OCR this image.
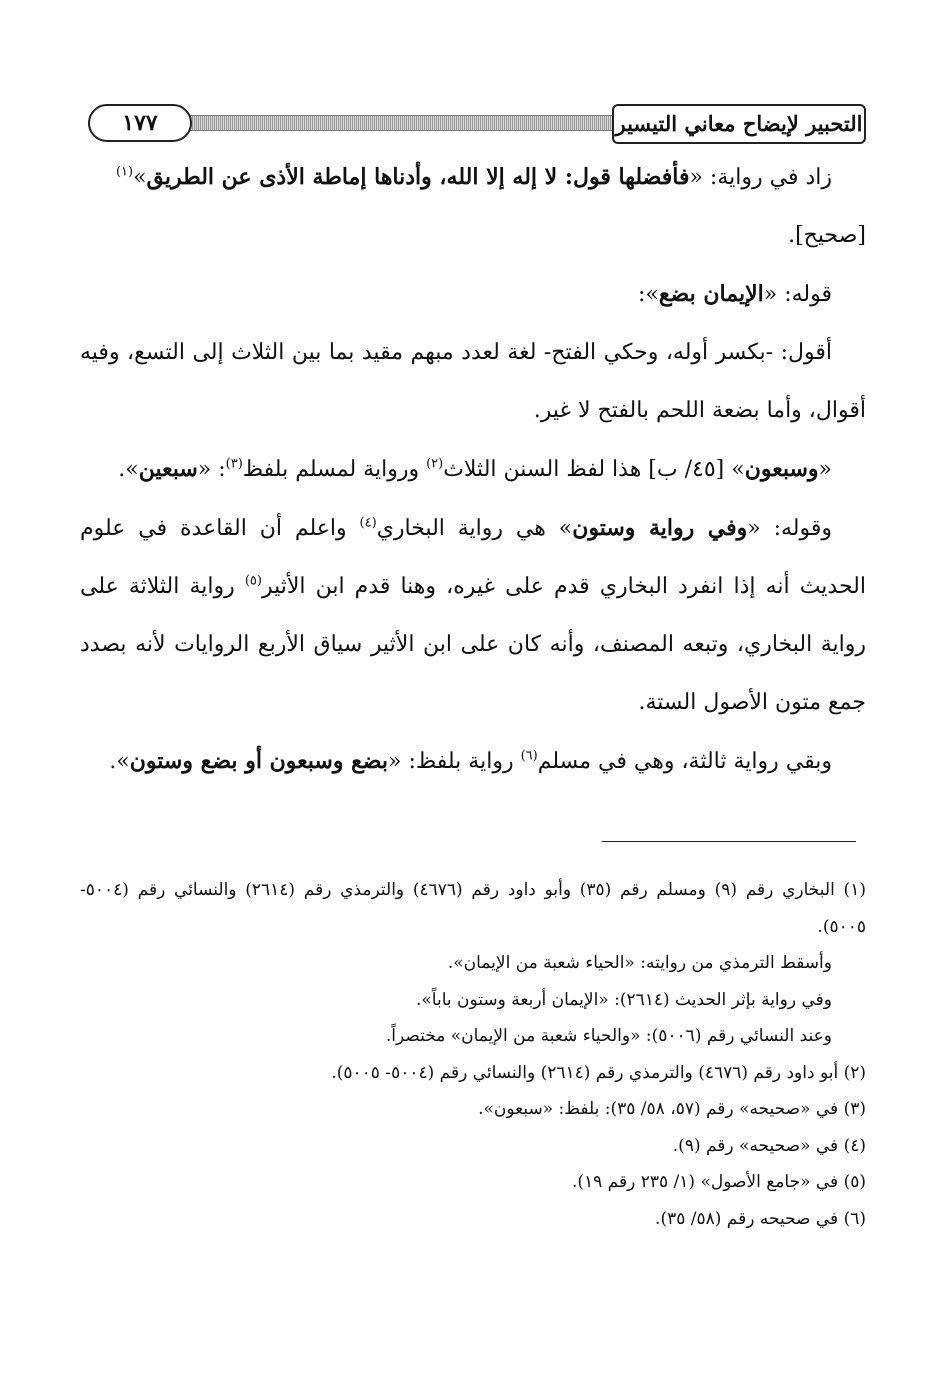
١٧٧	التحبير لإيضاح معاني التيسير

زاد في رواية: «فأفضلها قول: لا إله إلا الله، وأدناها إماطة الأذى عن الطريق»$^{(١)}$
[صحيح].

قوله: «الإيمان بضع»:

أقول: -بكسر أوله، وحكي الفتح- لغة لعدد مبهم مقيد بما بين الثلاث إلى التسع، وفيه أقوال، وأما بضعة اللحم بالفتح لا غير.

«وسبعون» [٤٥/ ب] هذا لفظ السنن الثلاث$^{(٢)}$ ورواية لمسلم بلفظ$^{(٣)}$: «سبعين».

وقوله: «وفي رواية وستون» هي رواية البخاري$^{(٤)}$ واعلم أن القاعدة في علوم الحديث أنه إذا انفرد البخاري قدم على غيره، وهنا قدم ابن الأثير$^{(٥)}$ رواية الثلاثة على رواية البخاري، وتبعه المصنف، وأنه كان على ابن الأثير سياق الأربع الروايات لأنه بصدد جمع متون الأصول الستة.

وبقي رواية ثالثة، وهي في مسلم$^{(٦)}$ رواية بلفظ: «بضع وسبعون أو بضع وستون».

(١) البخاري رقم (٩) ومسلم رقم (٣٥) وأبو داود رقم (٤٦٧٦) والترمذي رقم (٢٦١٤) والنسائي رقم (٥٠٠٤- ٥٠٠٥).

وأسقط الترمذي من روايته: «الحياء شعبة من الإيمان».

وفي رواية بإثر الحديث (٢٦١٤): «الإيمان أربعة وستون باباً».

وعند النسائي رقم (٥٠٠٦): «والحياء شعبة من الإيمان» مختصراً.

(٢) أبو داود رقم (٤٦٧٦) والترمذي رقم (٢٦١٤) والنسائي رقم (٥٠٠٤- ٥٠٠٥).

(٣) في «صحيحه» رقم (٥٧، ٥٨/ ٣٥): بلفظ: «سبعون».

(٤) في «صحيحه» رقم (٩).

(٥) في «جامع الأصول» (١/ ٢٣٥ رقم ١٩).

(٦) في صحيحه رقم (٥٨/ ٣٥).
